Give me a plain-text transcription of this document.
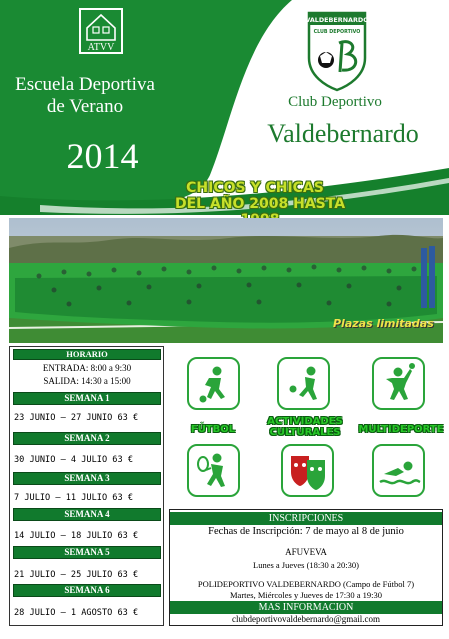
ATVV
Escuela Deportiva
de Verano
2014
VALDEBERNARDO
CLUB DEPORTIVO
Club Deportivo
Valdebernardo
CHICOS Y CHICAS

DEL AÑO 2008 HASTA
Plazas limitadas
HORARIO
ENTRADA: 8:00 a 9:30
SALIDA: 14:30 a 15:00
SEMANA 1
23 JUNIO – 27 JUNIO 63 €
SEMANA 2
30 JUNIO – 4 JULIO 63 €
SEMANA 3
7 JULIO – 11 JULIO 63 €
SEMANA 4
14 JULIO – 18 JULIO 63 €
SEMANA 5
21 JULIO – 25 JULIO 63 €
SEMANA 6
28 JULIO – 1 AGOSTO 63 €
FÚTBOL
ACTIVIDADES
CULTURALES	MULTIDEPORTE
INSCRIPCIONES
Fechas de Inscripción: 7 de mayo al 8 de junio
AFUVEVA
Lunes a Jueves (18:30 a 20:30)
POLIDEPORTIVO VALDEBERNARDO (Campo de Fútbol 7)
Martes, Miércoles y Jueves de 17:30 a 19:30
MAS INFORMACION
clubdeportivovaldebernardo@gmail.com
